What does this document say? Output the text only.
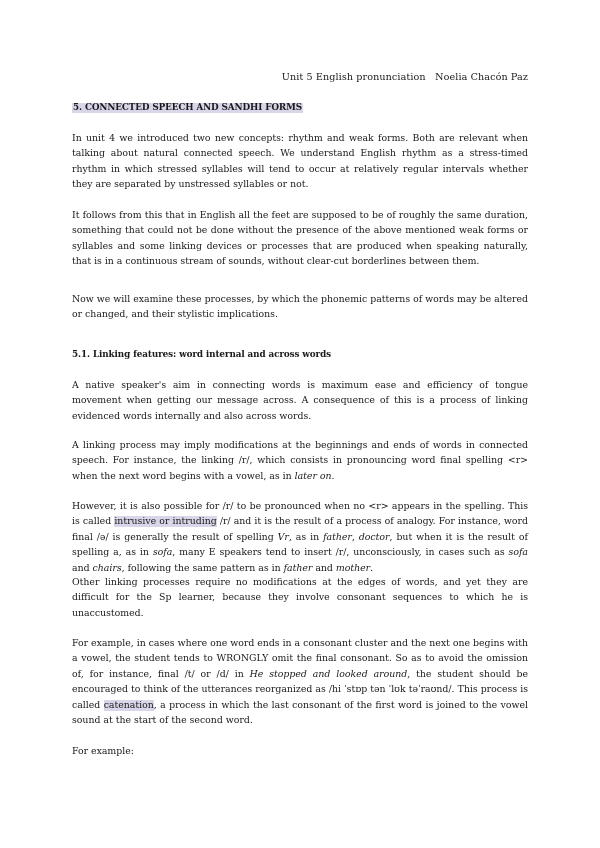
Unit 5 English pronunciation Noelia Chacón Paz
5. CONNECTED SPEECH AND SANDHI FORMS

In unit 4 we introduced two new concepts: rhythm and weak forms. Both are relevant when talking about natural connected speech. We understand English rhythm as a stress-timed rhythm in which stressed syllables will tend to occur at relatively regular intervals whether they are separated by unstressed syllables or not.

It follows from this that in English all the feet are supposed to be of roughly the same duration, something that could not be done without the presence of the above mentioned weak forms or syllables and some linking devices or processes that are produced when speaking naturally, that is in a continuous stream of sounds, without clear-cut borderlines between them.

Now we will examine these processes, by which the phonemic patterns of words may be altered or changed, and their stylistic implications.

5.1. Linking features: word internal and across words

A native speaker's aim in connecting words is maximum ease and efficiency of tongue movement when getting our message across. A consequence of this is a process of linking evidenced words internally and also across words.

A linking process may imply modifications at the beginnings and ends of words in connected speech. For instance, the linking /r/, which consists in pronouncing word final spelling <r> when the next word begins with a vowel, as in later on.

However, it is also possible for /r/ to be pronounced when no <r> appears in the spelling. This is called intrusive or intruding /r/ and it is the result of a process of analogy. For instance, word final /ə/ is generally the result of spelling Vr, as in father, doctor, but when it is the result of spelling a, as in sofa, many E speakers tend to insert /r/, unconsciously, in cases such as sofa and chairs, following the same pattern as in father and mother.

Other linking processes require no modifications at the edges of words, and yet they are difficult for the Sp learner, because they involve consonant sequences to which he is unaccustomed.

For example, in cases where one word ends in a consonant cluster and the next one begins with a vowel, the student tends to WRONGLY omit the final consonant. So as to avoid the omission of, for instance, final /t/ or /d/ in He stopped and looked around, the student should be encouraged to think of the utterances reorganized as /hi ˈstɒp tən ˈlʊk təˈraʊnd/. This process is called catenation, a process in which the last consonant of the first word is joined to the vowel sound at the start of the second word.

For example:
